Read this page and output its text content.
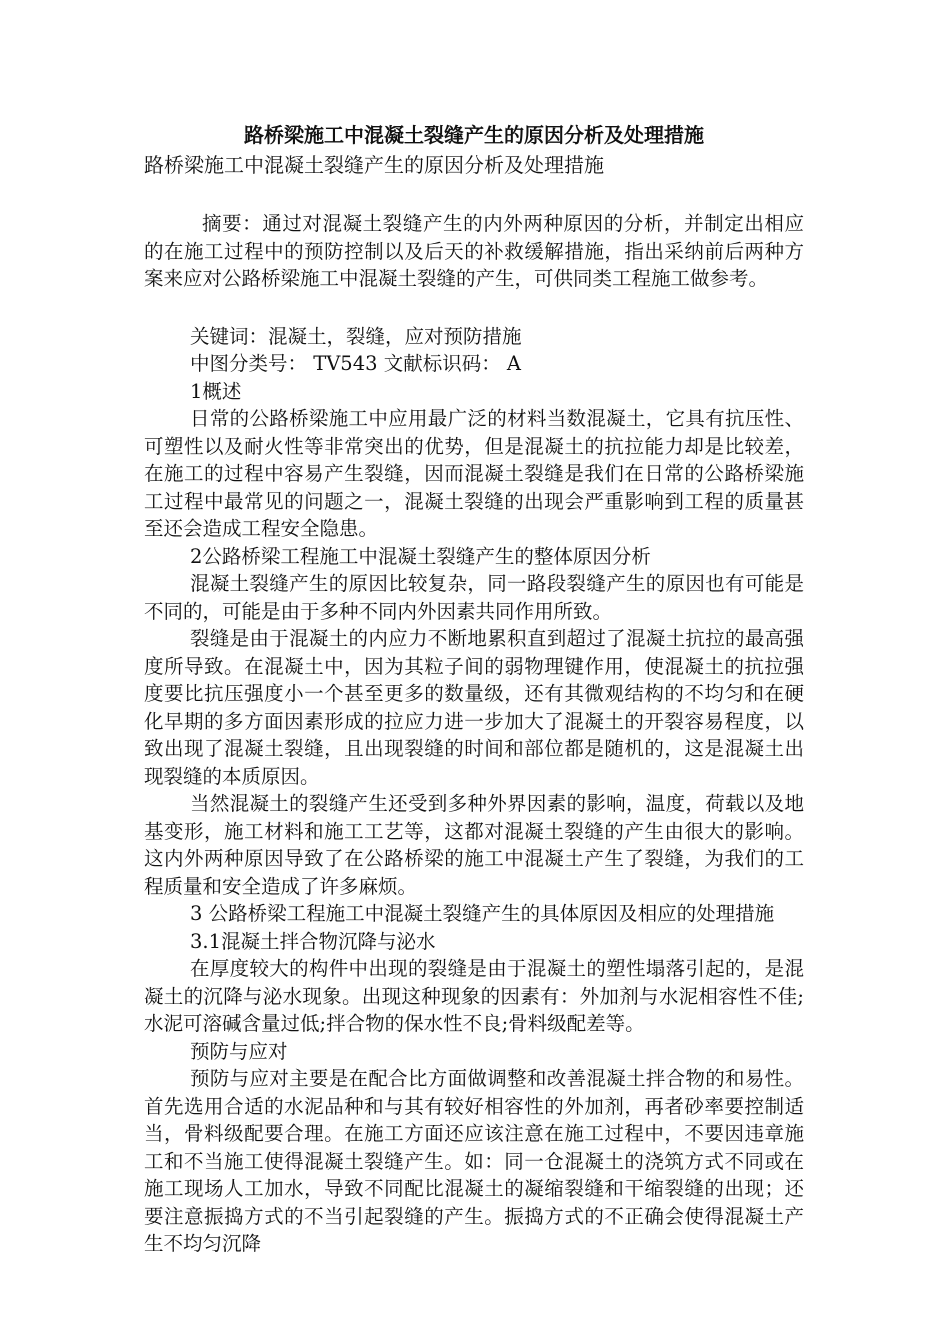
路桥梁施工中混凝土裂缝产生的原因分析及处理措施
路桥梁施工中混凝土裂缝产生的原因分析及处理措施

摘要：通过对混凝土裂缝产生的内外两种原因的分析，并制定出相应的在施工过程中的预防控制以及后天的补救缓解措施，指出采纳前后两种方案来应对公路桥梁施工中混凝土裂缝的产生，可供同类工程施工做参考。

关键词：混凝土，裂缝，应对预防措施

中图分类号： TV543 文献标识码： A

1概述

日常的公路桥梁施工中应用最广泛的材料当数混凝土，它具有抗压性、可塑性以及耐火性等非常突出的优势，但是混凝土的抗拉能力却是比较差，在施工的过程中容易产生裂缝，因而混凝土裂缝是我们在日常的公路桥梁施工过程中最常见的问题之一，混凝土裂缝的出现会严重影响到工程的质量甚至还会造成工程安全隐患。

2公路桥梁工程施工中混凝土裂缝产生的整体原因分析

混凝土裂缝产生的原因比较复杂，同一路段裂缝产生的原因也有可能是不同的，可能是由于多种不同内外因素共同作用所致。

裂缝是由于混凝土的内应力不断地累积直到超过了混凝土抗拉的最高强度所导致。在混凝土中，因为其粒子间的弱物理键作用，使混凝土的抗拉强度要比抗压强度小一个甚至更多的数量级，还有其微观结构的不均匀和在硬化早期的多方面因素形成的拉应力进一步加大了混凝土的开裂容易程度，以致出现了混凝土裂缝，且出现裂缝的时间和部位都是随机的，这是混凝土出现裂缝的本质原因。

当然混凝土的裂缝产生还受到多种外界因素的影响，温度，荷载以及地基变形，施工材料和施工工艺等，这都对混凝土裂缝的产生由很大的影响。这内外两种原因导致了在公路桥梁的施工中混凝土产生了裂缝，为我们的工程质量和安全造成了许多麻烦。

3 公路桥梁工程施工中混凝土裂缝产生的具体原因及相应的处理措施

3.1混凝土拌合物沉降与泌水

在厚度较大的构件中出现的裂缝是由于混凝土的塑性塌落引起的，是混凝土的沉降与泌水现象。出现这种现象的因素有：外加剂与水泥相容性不佳;水泥可溶碱含量过低;拌合物的保水性不良;骨料级配差等。

预防与应对

预防与应对主要是在配合比方面做调整和改善混凝土拌合物的和易性。首先选用合适的水泥品种和与其有较好相容性的外加剂，再者砂率要控制适当，骨料级配要合理。在施工方面还应该注意在施工过程中，不要因违章施工和不当施工使得混凝土裂缝产生。如：同一仓混凝土的浇筑方式不同或在施工现场人工加水，导致不同配比混凝土的凝缩裂缝和干缩裂缝的出现；还要注意振捣方式的不当引起裂缝的产生。振捣方式的不正确会使得混凝土产生不均匀沉降
